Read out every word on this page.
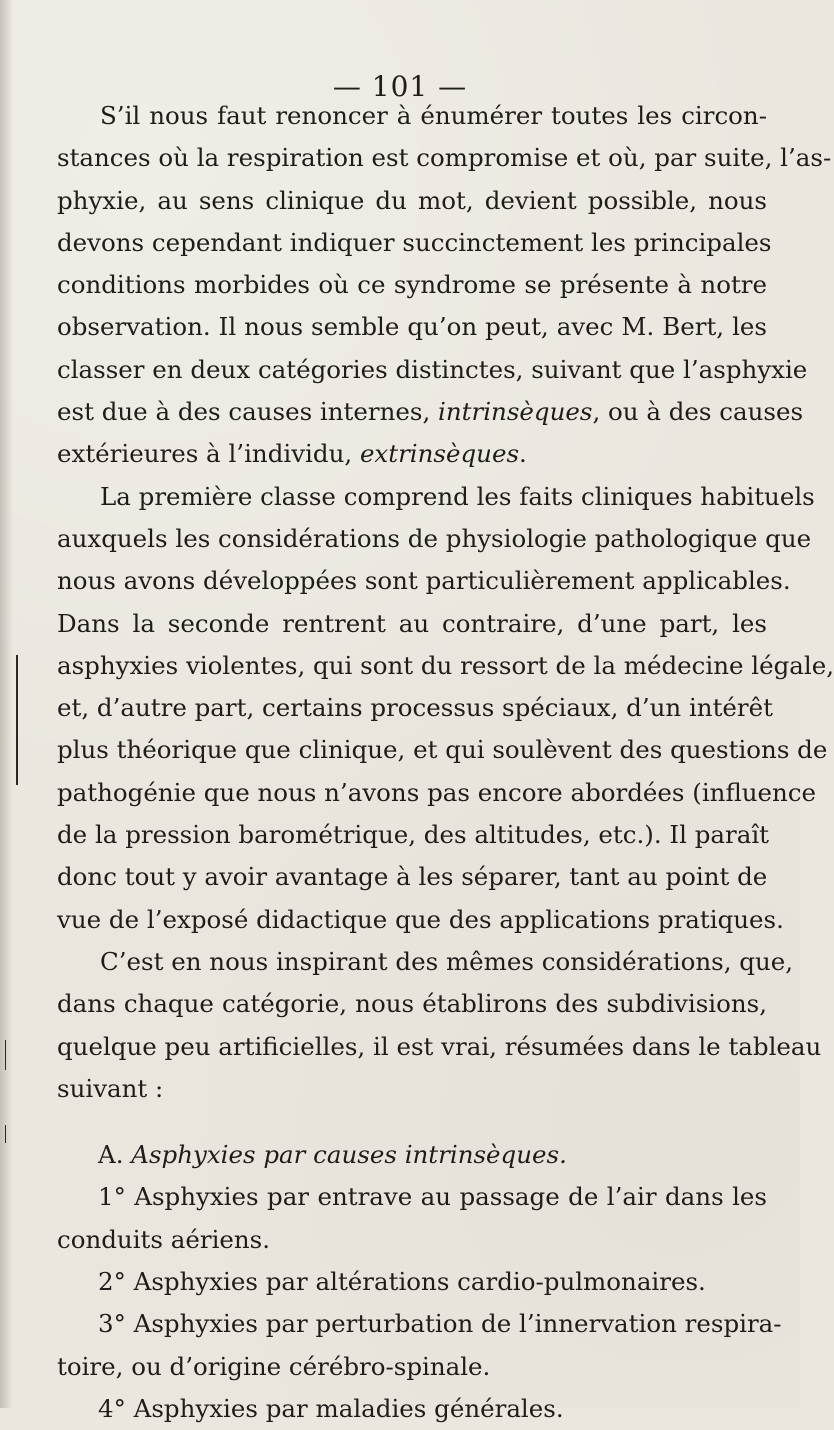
— 101 —
S’il nous faut renoncer à énumérer toutes les circon-
stances où la respiration est compromise et où, par suite, l’as-
phyxie, au sens clinique du mot, devient possible, nous
devons cependant indiquer succinctement les principales
conditions morbides où ce syndrome se présente à notre
observation. Il nous semble qu’on peut, avec M. Bert, les
classer en deux catégories distinctes, suivant que l’asphyxie
est due à des causes internes, intrinsèques, ou à des causes
extérieures à l’individu, extrinsèques.
La première classe comprend les faits cliniques habituels
auxquels les considérations de physiologie pathologique que
nous avons développées sont particulièrement applicables.
Dans la seconde rentrent au contraire, d’une part, les
asphyxies violentes, qui sont du ressort de la médecine légale,
et, d’autre part, certains processus spéciaux, d’un intérêt
plus théorique que clinique, et qui soulèvent des questions de
pathogénie que nous n’avons pas encore abordées (influence
de la pression barométrique, des altitudes, etc.). Il paraît
donc tout y avoir avantage à les séparer, tant au point de
vue de l’exposé didactique que des applications pratiques.
C’est en nous inspirant des mêmes considérations, que,
dans chaque catégorie, nous établirons des subdivisions,
quelque peu artificielles, il est vrai, résumées dans le tableau
suivant :
A. Asphyxies par causes intrinsèques.
1° Asphyxies par entrave au passage de l’air dans les
conduits aériens.
2° Asphyxies par altérations cardio-pulmonaires.
3° Asphyxies par perturbation de l’innervation respira-
toire, ou d’origine cérébro-spinale.
4° Asphyxies par maladies générales.
